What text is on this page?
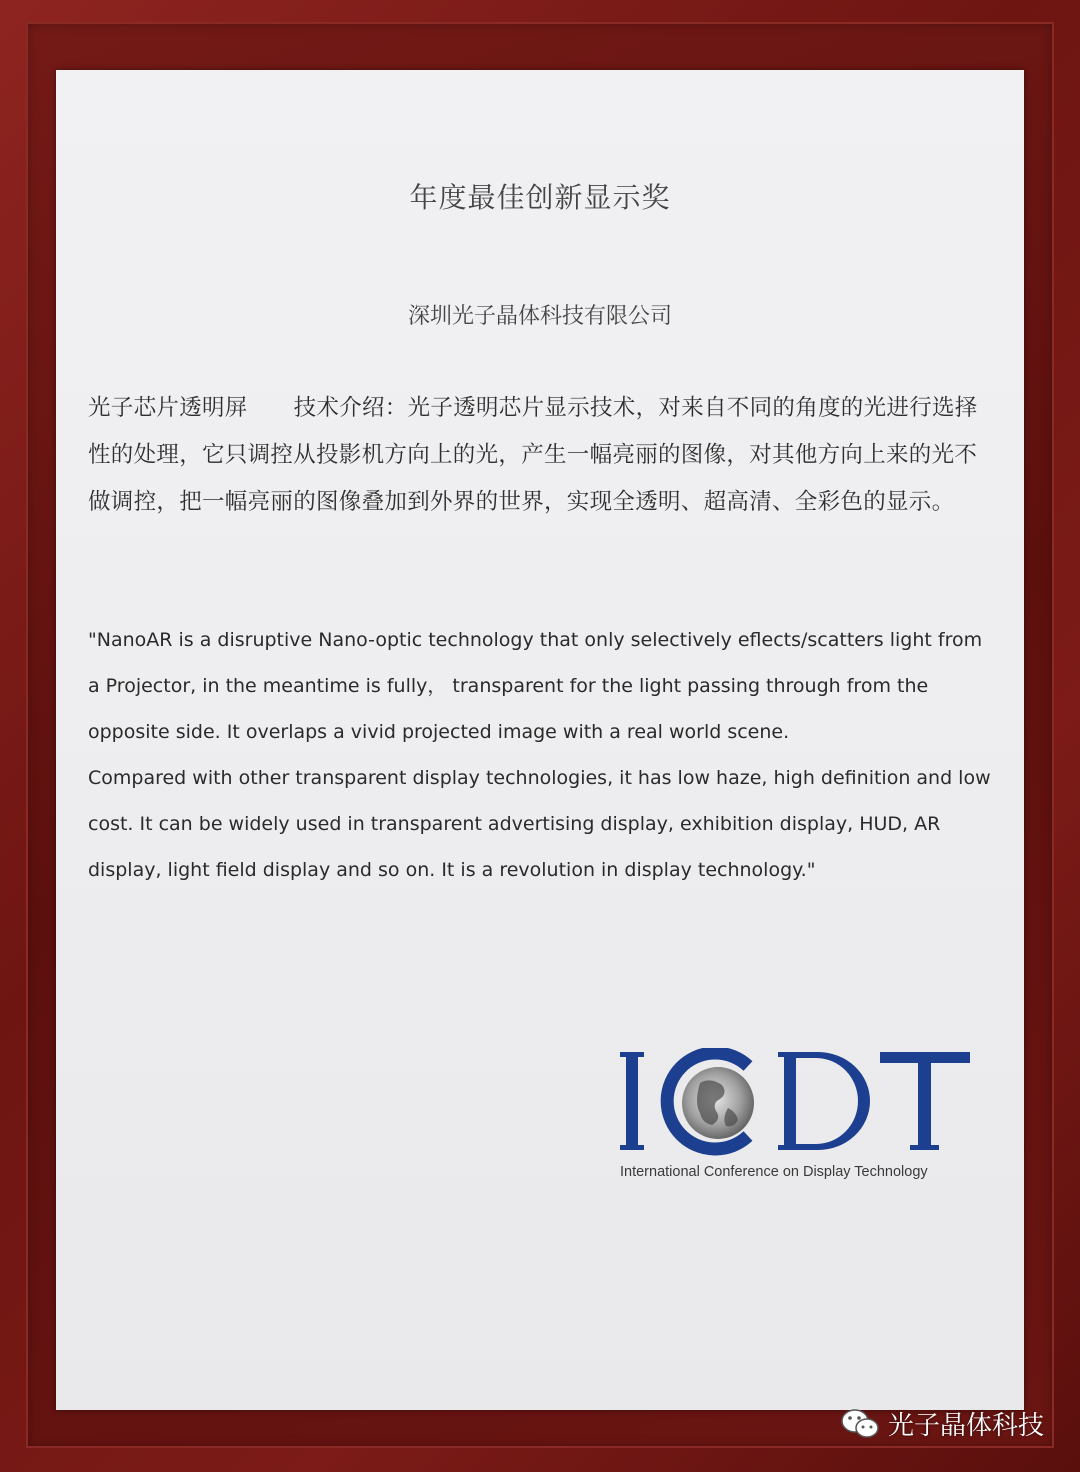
年度最佳创新显示奖
深圳光子晶体科技有限公司
光子芯片透明屏 技术介绍：光子透明芯片显示技术，对来自不同的角度的光进行选择性的处理，它只调控从投影机方向上的光，产生一幅亮丽的图像，对其他方向上来的光不做调控，把一幅亮丽的图像叠加到外界的世界，实现全透明、超高清、全彩色的显示。

"NanoAR is a disruptive Nano-optic technology that only selectively eflects/scatters light from a Projector, in the meantime is fully， transparent for the light passing through from the opposite side. It overlaps a vivid projected image with a real world scene.

Compared with other transparent display technologies, it has low haze, high definition and low cost. It can be widely used in transparent advertising display, exhibition display, HUD, AR display, light field display and so on. It is a revolution in display technology."

International Conference on Display Technology
光子晶体科技
